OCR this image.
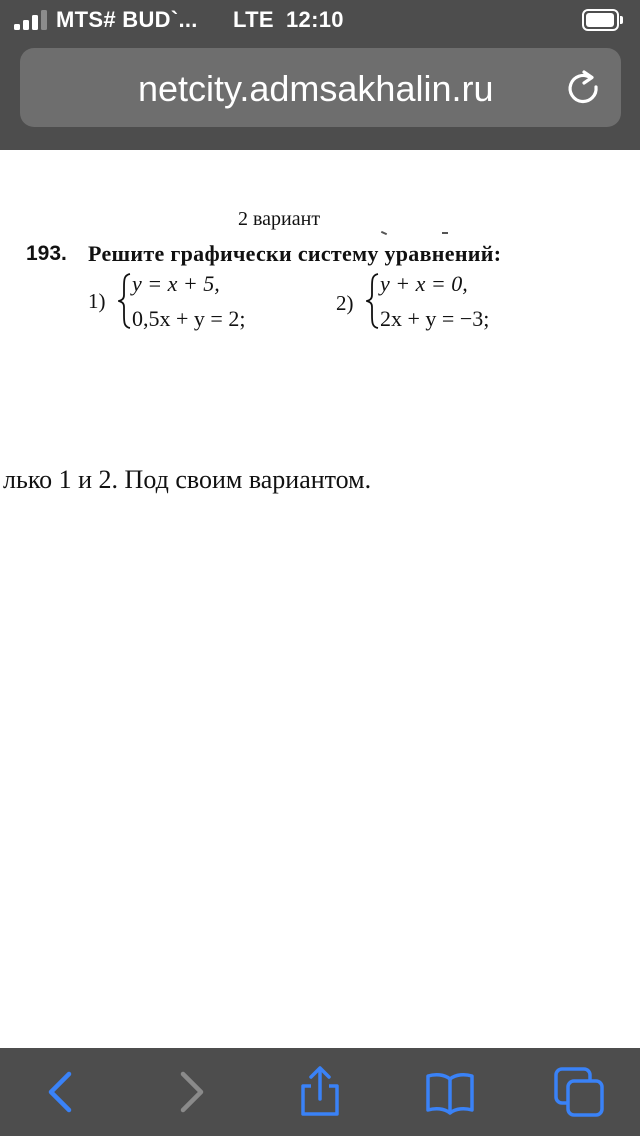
MTS# BUD`... LTE 12:10
netcity.admsakhalin.ru
2 вариант
193. Решите графически систему уравнений:
1)
y = x + 5,
0,5x + y = 2;
2)
y + x = 0,
2x + y = −3;
лько 1 и 2. Под своим вариантом.
